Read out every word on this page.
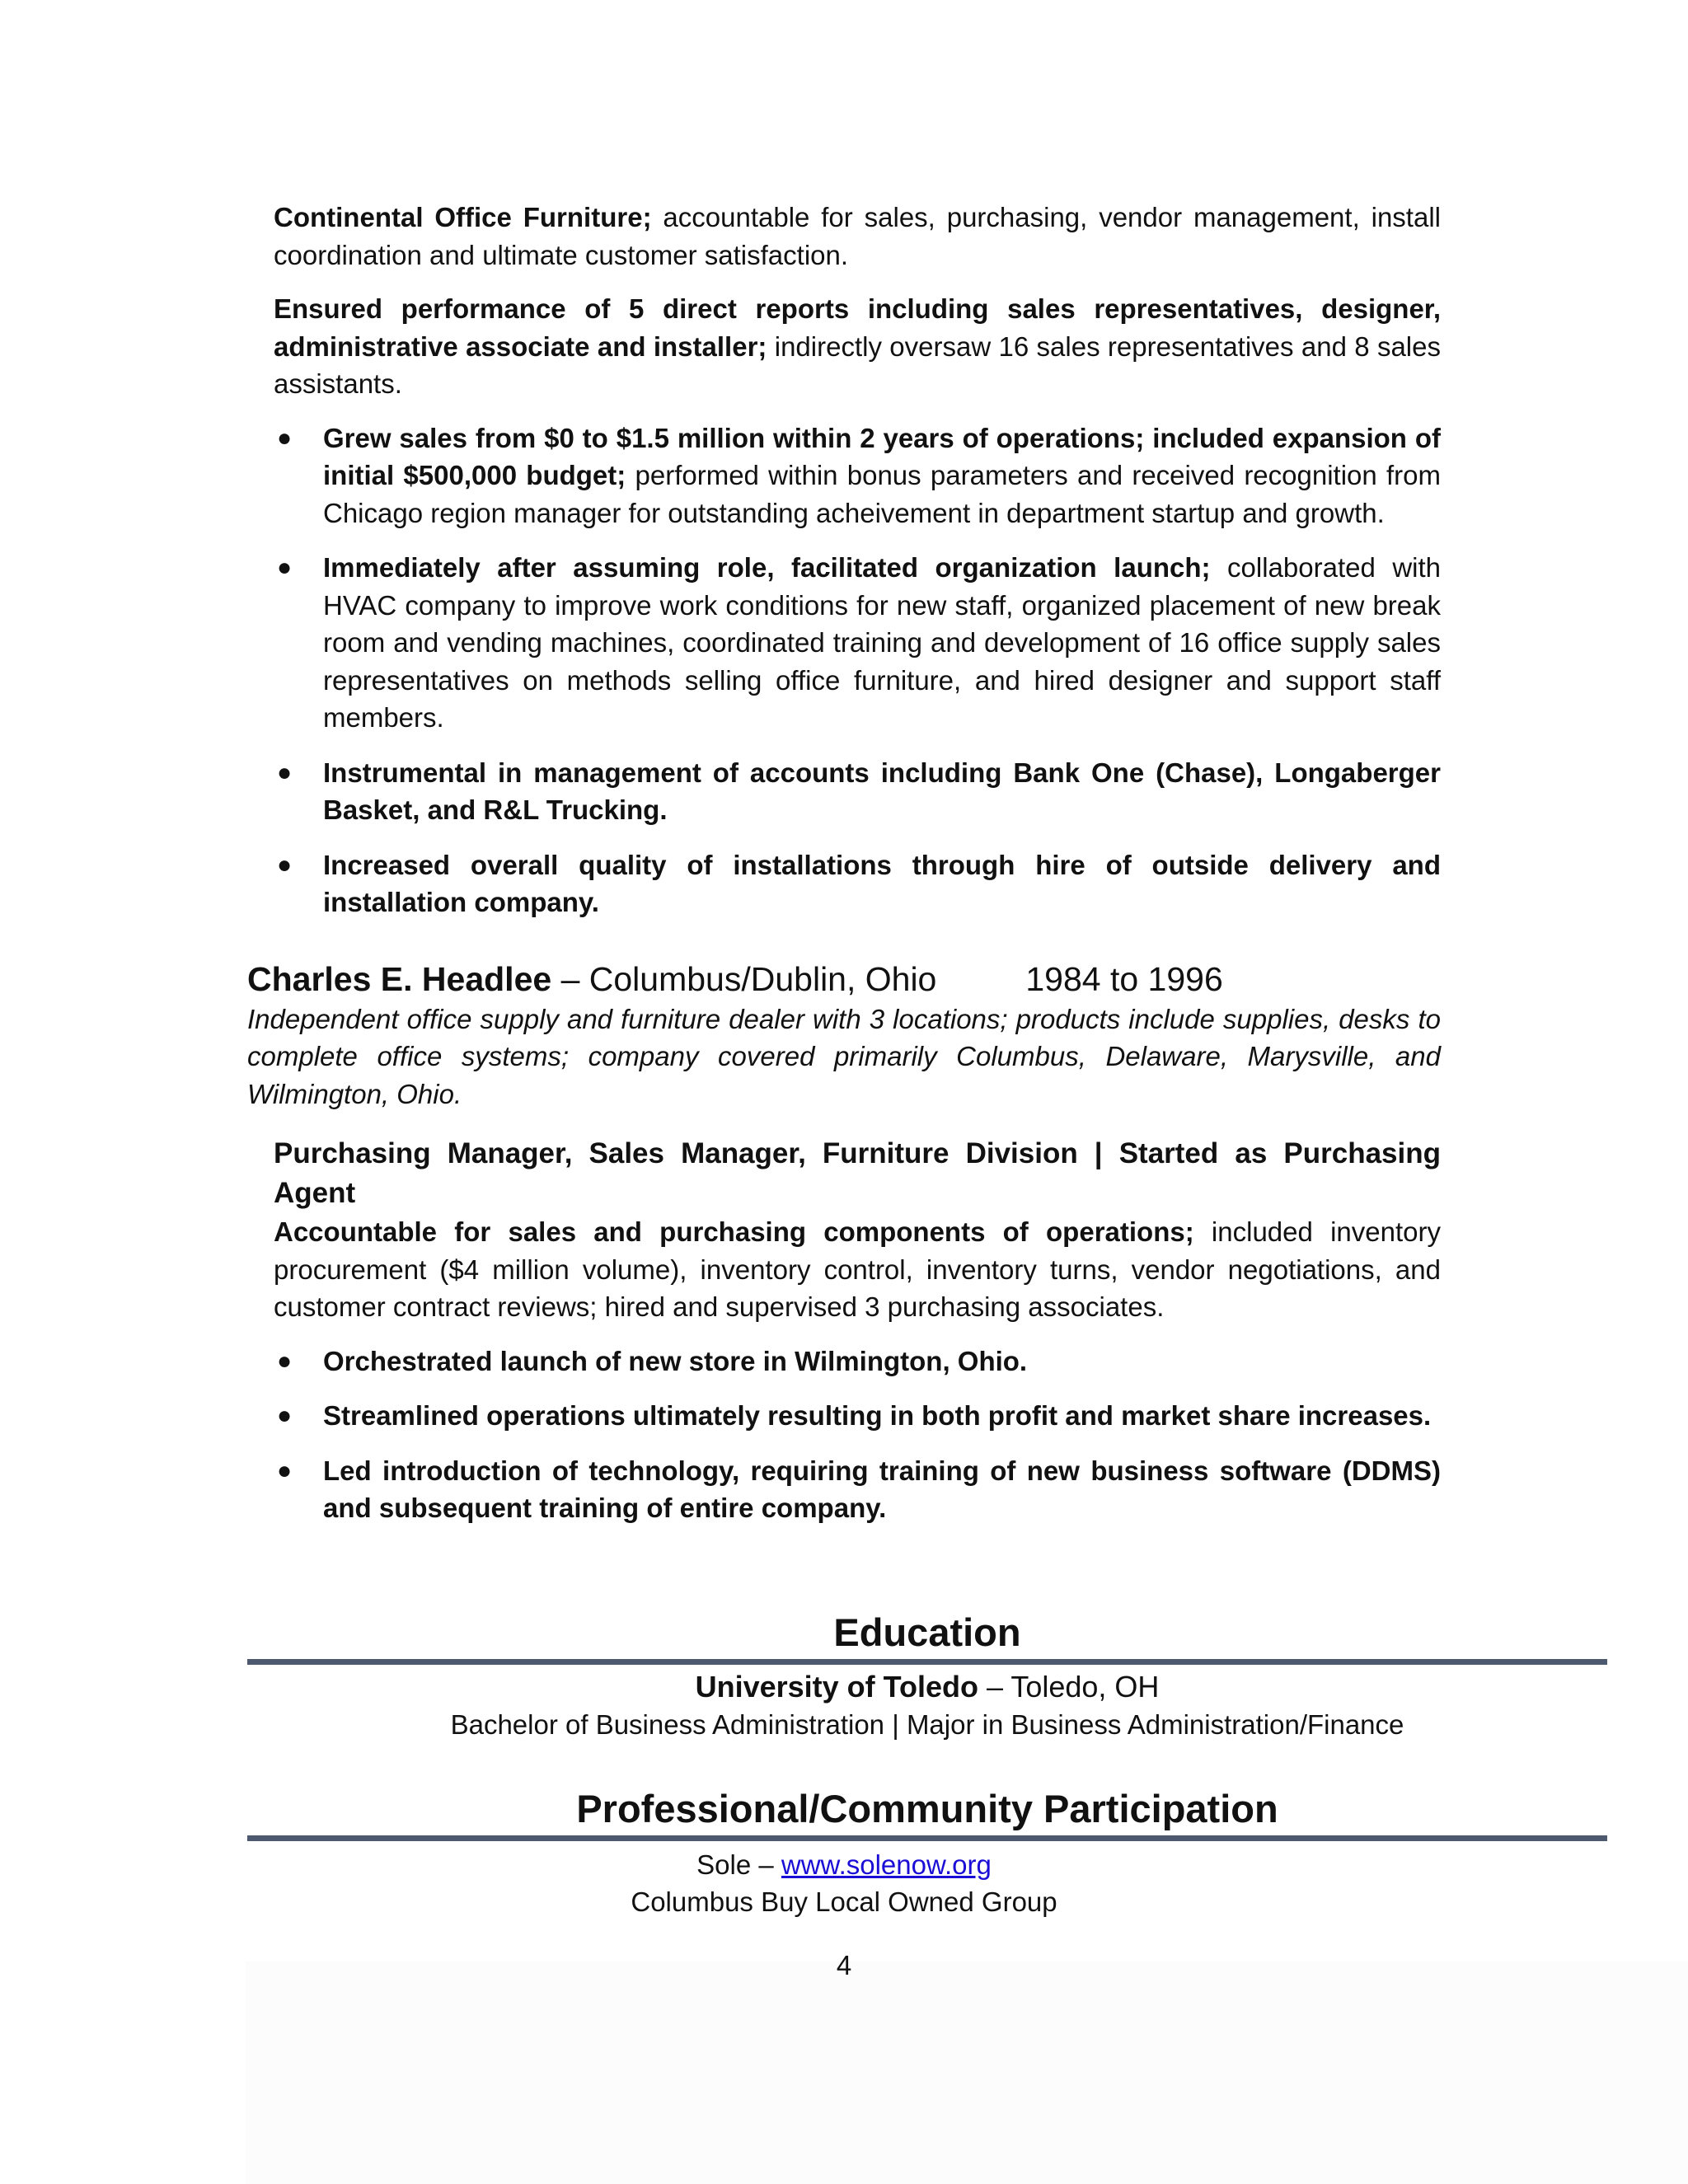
Continental Office Furniture; accountable for sales, purchasing, vendor management, install coordination and ultimate customer satisfaction.

Ensured performance of 5 direct reports including sales representatives, designer, administrative associate and installer; indirectly oversaw 16 sales representatives and 8 sales assistants.

● Grew sales from $0 to $1.5 million within 2 years of operations; included expansion of initial $500,000 budget; performed within bonus parameters and received recognition from Chicago region manager for outstanding acheivement in department startup and growth.
● Immediately after assuming role, facilitated organization launch; collaborated with HVAC company to improve work conditions for new staff, organized placement of new break room and vending machines, coordinated training and development of 16 office supply sales representatives on methods selling office furniture, and hired designer and support staff members.
● Instrumental in management of accounts including Bank One (Chase), Longaberger Basket, and R&L Trucking.
● Increased overall quality of installations through hire of outside delivery and installation company.
Charles E. Headlee – Columbus/Dublin, Ohio	1984 to 1996
Independent office supply and furniture dealer with 3 locations; products include supplies, desks to complete office systems; company covered primarily Columbus, Delaware, Marysville, and Wilmington, Ohio.
Purchasing Manager, Sales Manager, Furniture Division | Started as Purchasing Agent

Accountable for sales and purchasing components of operations; included inventory procurement ($4 million volume), inventory control, inventory turns, vendor negotiations, and customer contract reviews; hired and supervised 3 purchasing associates.

● Orchestrated launch of new store in Wilmington, Ohio.
● Streamlined operations ultimately resulting in both profit and market share increases.
● Led introduction of technology, requiring training of new business software (DDMS) and subsequent training of entire company.
Education
University of Toledo – Toledo, OH
Bachelor of Business Administration | Major in Business Administration/Finance
Professional/Community Participation
Sole – www.solenow.org
Columbus Buy Local Owned Group
4
